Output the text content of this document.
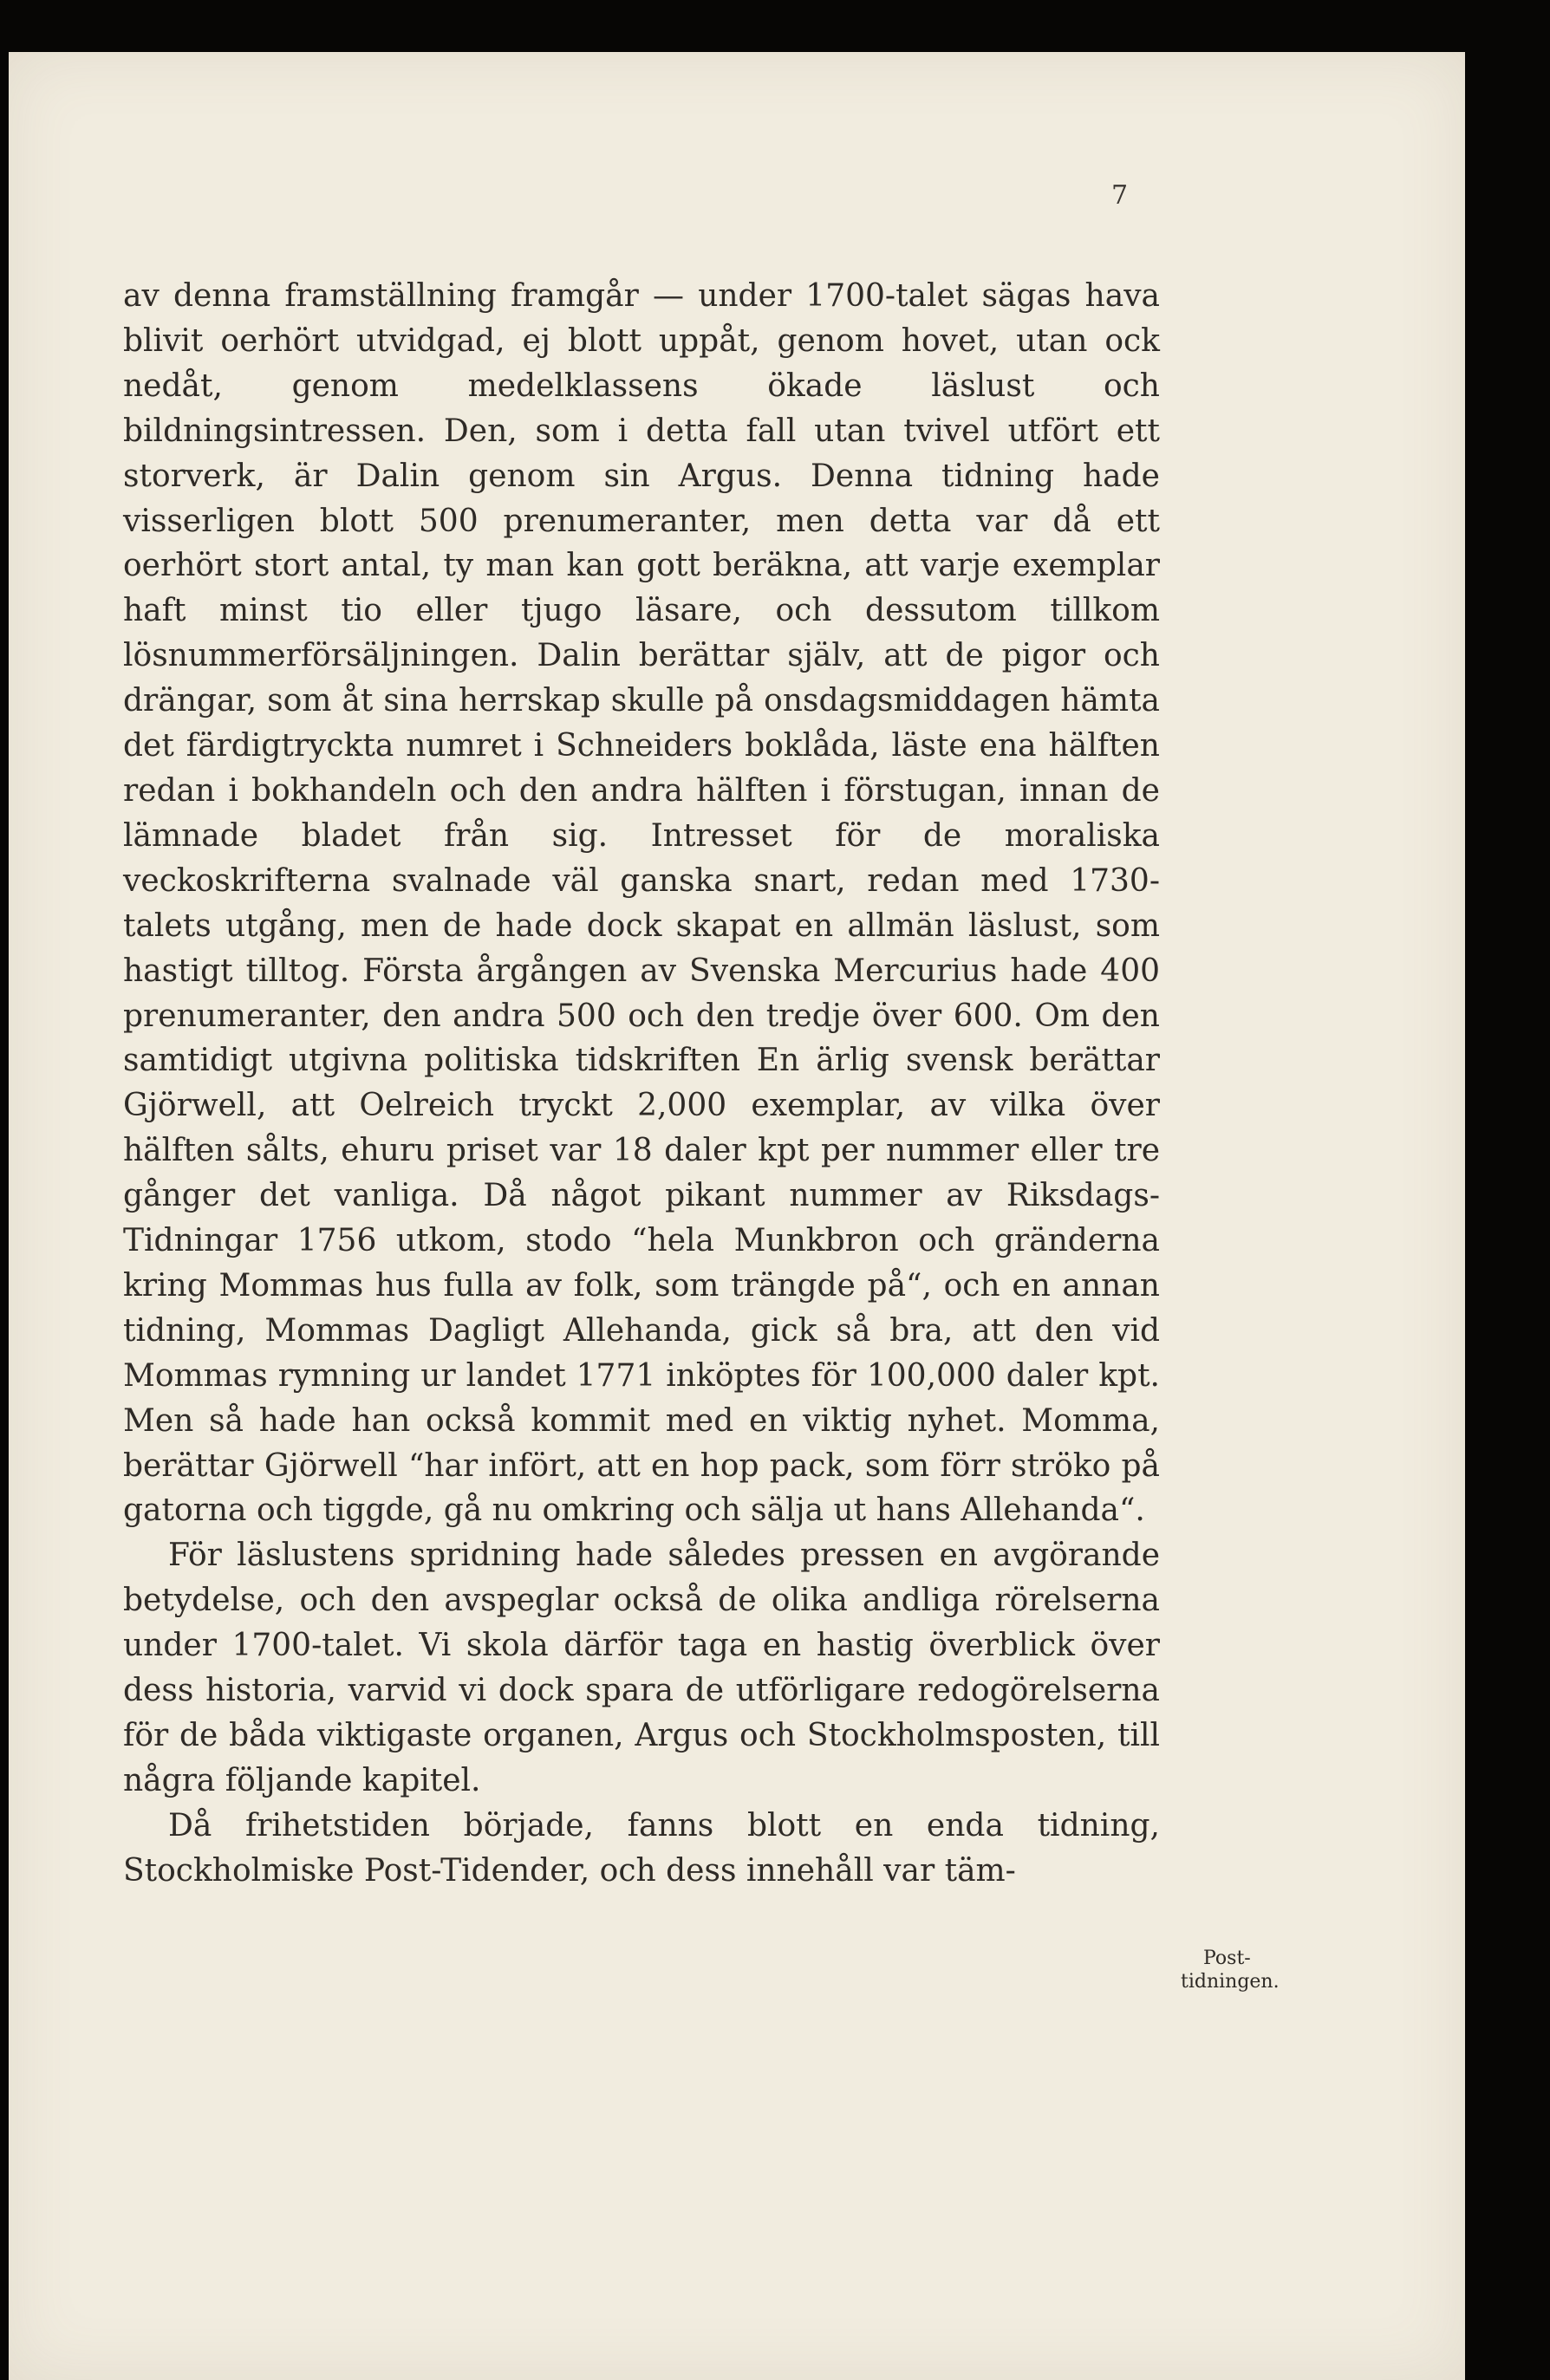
7

av denna framställning framgår — under 1700-talet sägas hava blivit oerhört utvidgad, ej blott uppåt, genom hovet, utan ock nedåt, genom medelklassens ökade läslust och bildningsintressen. Den, som i detta fall utan tvivel utfört ett storverk, är Dalin genom sin Argus. Denna tidning hade visserligen blott 500 prenumeranter, men detta var då ett oerhört stort antal, ty man kan gott beräkna, att varje exemplar haft minst tio eller tjugo läsare, och dessutom tillkom lösnummerförsäljningen. Dalin berättar själv, att de pigor och drängar, som åt sina herrskap skulle på onsdagsmiddagen hämta det färdigtryckta numret i Schneiders boklåda, läste ena hälften redan i bokhandeln och den andra hälften i förstugan, innan de lämnade bladet från sig. Intresset för de moraliska veckoskrifterna svalnade väl ganska snart, redan med 1730-talets utgång, men de hade dock skapat en allmän läslust, som hastigt tilltog. Första årgången av Svenska Mercurius hade 400 prenumeranter, den andra 500 och den tredje över 600. Om den samtidigt utgivna politiska tidskriften En ärlig svensk berättar Gjörwell, att Oelreich tryckt 2,000 exemplar, av vilka över hälften sålts, ehuru priset var 18 daler kpt per nummer eller tre gånger det vanliga. Då något pikant nummer av Riksdags-Tidningar 1756 utkom, stodo “hela Munkbron och gränderna kring Mommas hus fulla av folk, som trängde på“, och en annan tidning, Mommas Dagligt Allehanda, gick så bra, att den vid Mommas rymning ur landet 1771 inköptes för 100,000 daler kpt. Men så hade han också kommit med en viktig nyhet. Momma, berättar Gjörwell “har infört, att en hop pack, som förr ströko på gatorna och tiggde, gå nu omkring och sälja ut hans Allehanda“.

För läslustens spridning hade således pressen en avgörande betydelse, och den avspeglar också de olika andliga rörelserna under 1700-talet. Vi skola därför taga en hastig överblick över dess historia, varvid vi dock spara de utförligare redogörelserna för de båda viktigaste organen, Argus och Stockholmsposten, till några följande kapitel.

Då frihetstiden började, fanns blott en enda tidning, Stockholmiske Post-Tidender, och dess innehåll var täm-

Post-
tidningen.
